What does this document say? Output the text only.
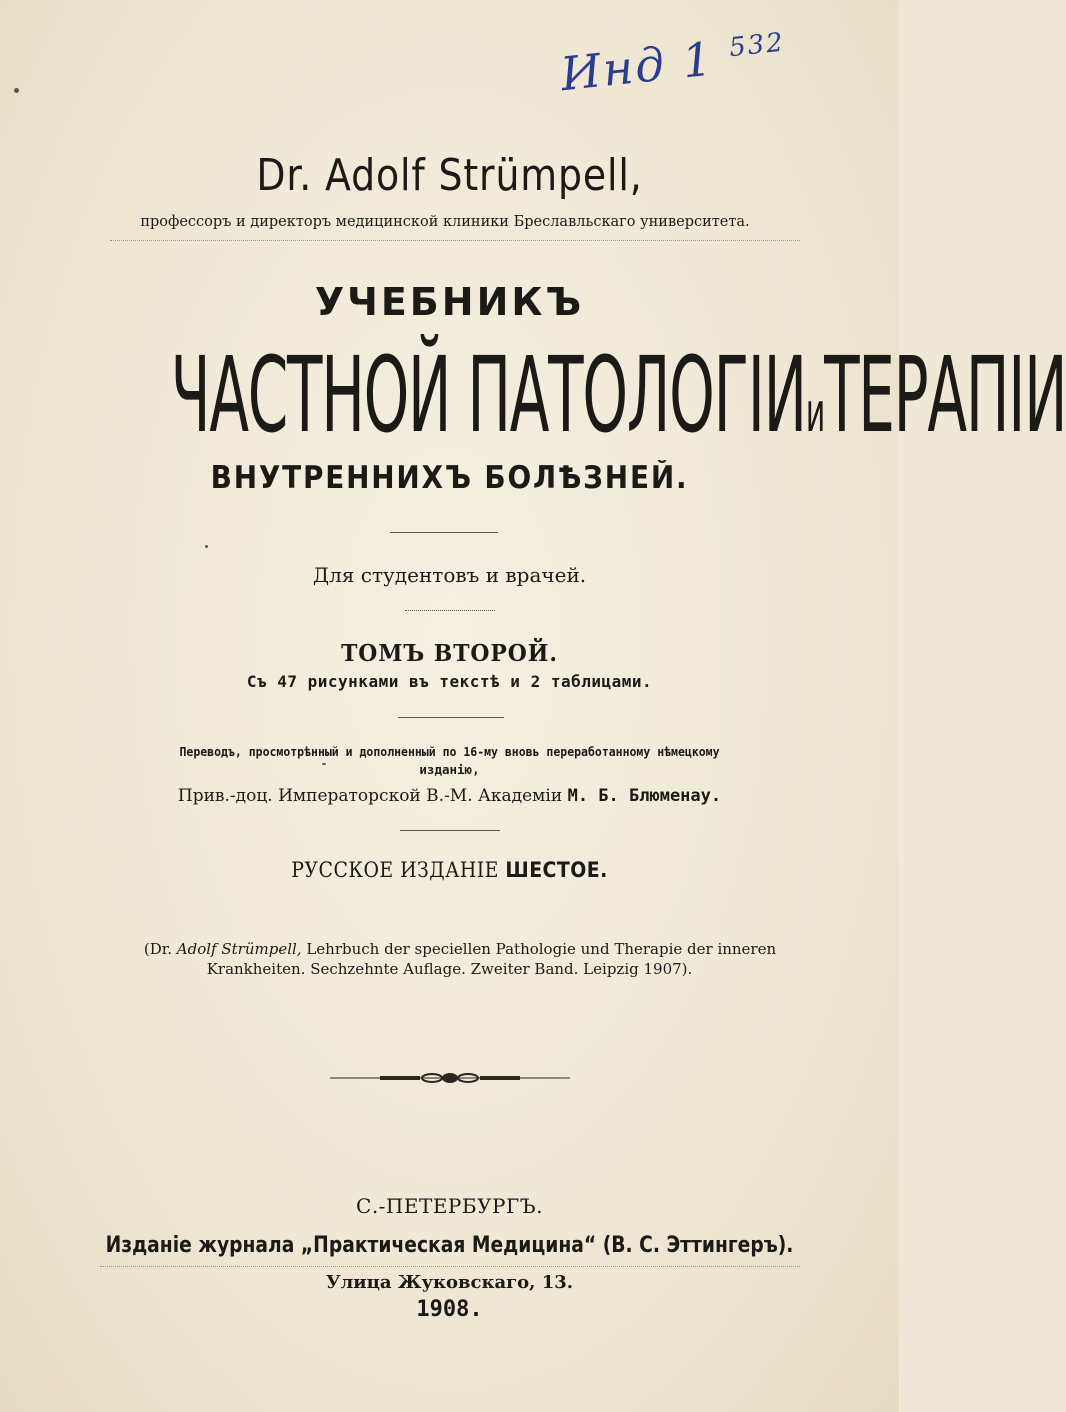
Инд 1 $^{532}$
Dr. Adolf Strümpell,
профессоръ и директоръ медицинской клиники Бреславльскаго университета.
УЧЕБНИКЪ
ЧАСТНОЙ ПАТОЛОГІИиТЕРАПІИ
ВНУТРЕННИХЪ БОЛѢЗНЕЙ.
Для студентовъ и врачей.
ТОМЪ ВТОРОЙ.
Съ 47 рисунками въ текстѣ и 2 таблицами.
Переводъ, просмотрѣнный и дополненный по 16-му вновь переработанному нѣмецкому
изданію,
Прив.-доц. Императорской В.-М. Академіи М. Б. Блюменау.
РУССКОЕ ИЗДАНІЕ ШЕСТОЕ.
(Dr. Adolf Strümpell, Lehrbuch der speciellen Pathologie und Therapie der inneren
Krankheiten. Sechzehnte Auflage. Zweiter Band. Leipzig 1907).
С.-ПЕТЕРБУРГЪ.
Изданіе журнала „Практическая Медицина“ (В. С. Эттингеръ).
Улица Жуковскаго, 13.
1908.
